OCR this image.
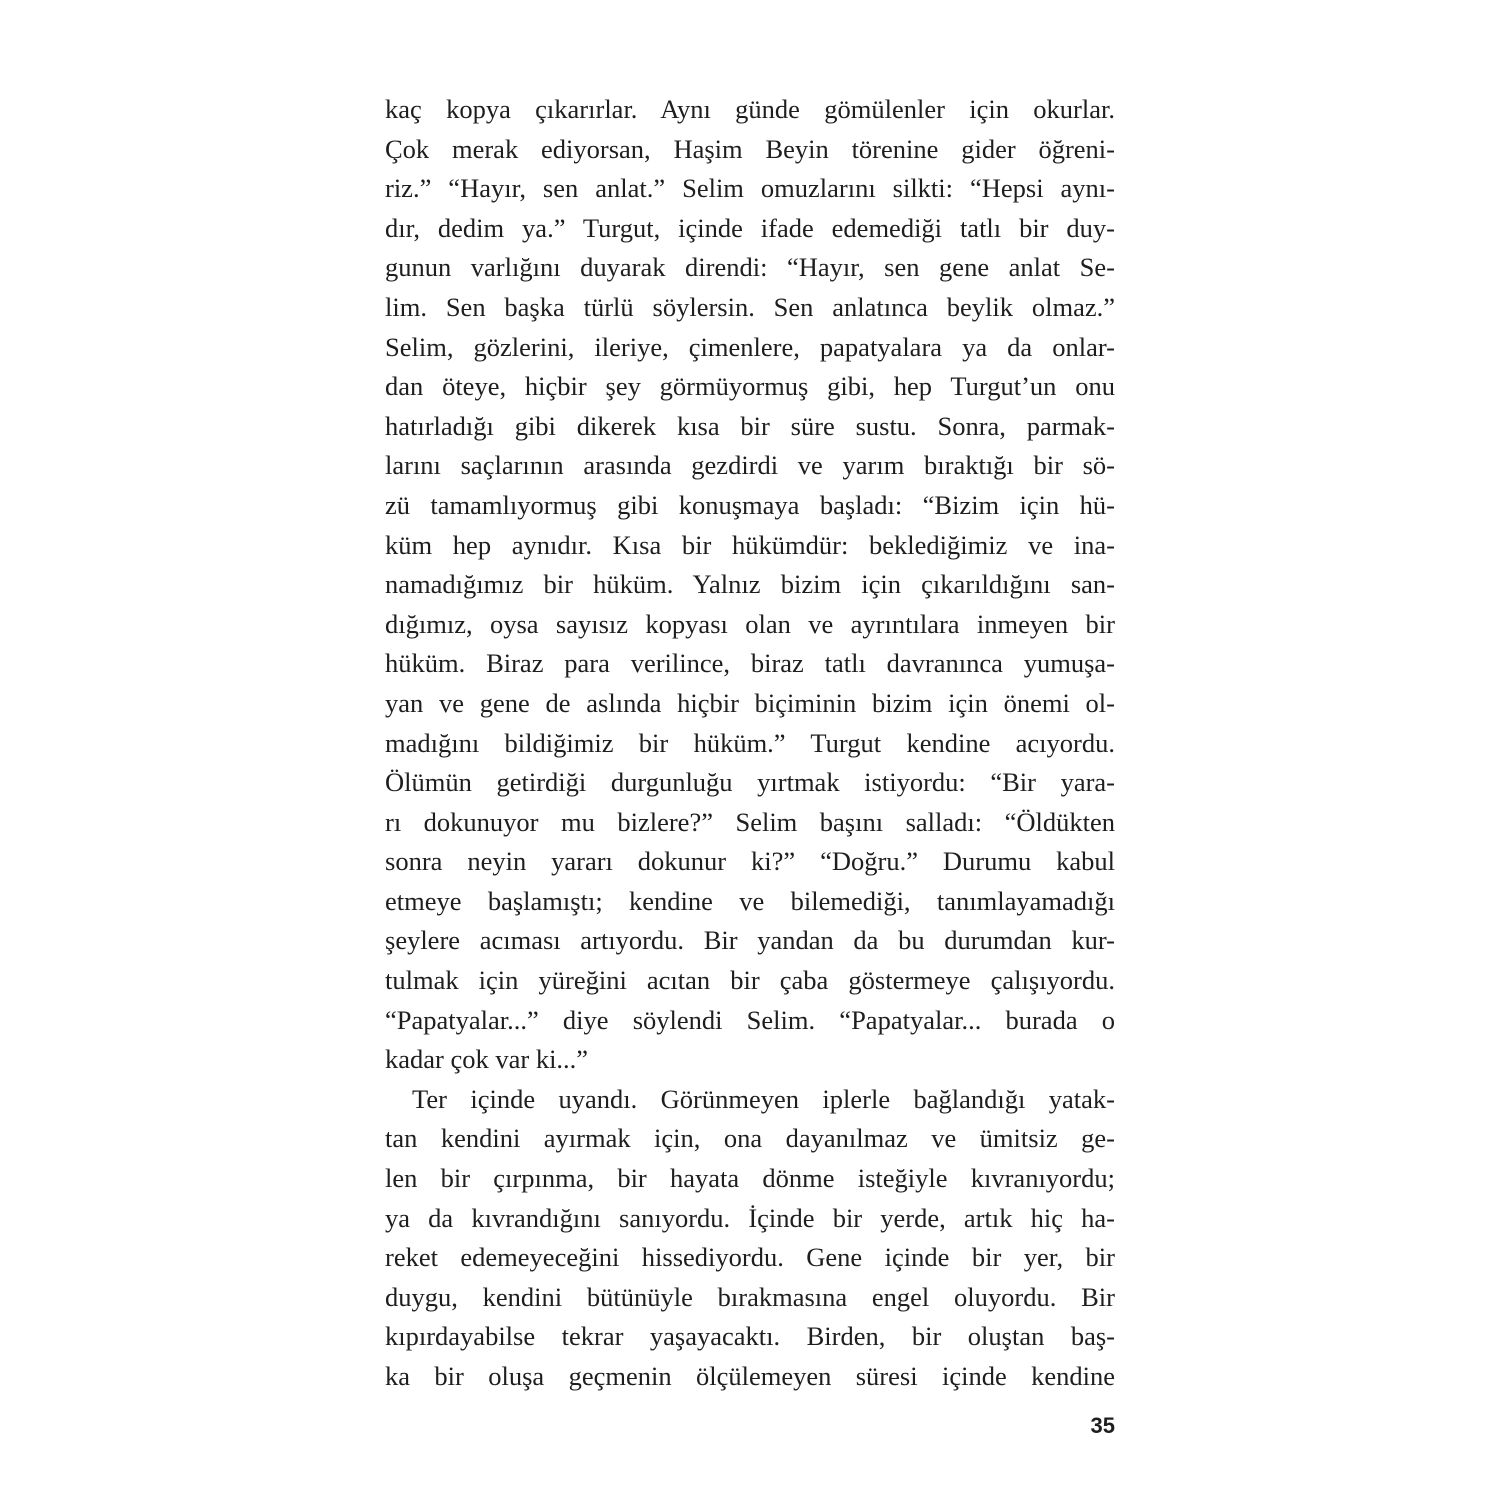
kaç kopya çıkarırlar. Aynı günde gömülenler için okurlar.
Çok merak ediyorsan, Haşim Beyin törenine gider öğreni-
riz.” “Hayır, sen anlat.” Selim omuzlarını silkti: “Hepsi aynı-
dır, dedim ya.” Turgut, içinde ifade edemediği tatlı bir duy-
gunun varlığını duyarak direndi: “Hayır, sen gene anlat Se-
lim. Sen başka türlü söylersin. Sen anlatınca beylik olmaz.”
Selim, gözlerini, ileriye, çimenlere, papatyalara ya da onlar-
dan öteye, hiçbir şey görmüyormuş gibi, hep Turgut’un onu
hatırladığı gibi dikerek kısa bir süre sustu. Sonra, parmak-
larını saçlarının arasında gezdirdi ve yarım bıraktığı bir sö-
zü tamamlıyormuş gibi konuşmaya başladı: “Bizim için hü-
küm hep aynıdır. Kısa bir hükümdür: beklediğimiz ve ina-
namadığımız bir hüküm. Yalnız bizim için çıkarıldığını san-
dığımız, oysa sayısız kopyası olan ve ayrıntılara inmeyen bir
hüküm. Biraz para verilince, biraz tatlı davranınca yumuşa-
yan ve gene de aslında hiçbir biçiminin bizim için önemi ol-
madığını bildiğimiz bir hüküm.” Turgut kendine acıyordu.
Ölümün getirdiği durgunluğu yırtmak istiyordu: “Bir yara-
rı dokunuyor mu bizlere?” Selim başını salladı: “Öldükten
sonra neyin yararı dokunur ki?” “Doğru.” Durumu kabul
etmeye başlamıştı; kendine ve bilemediği, tanımlayamadığı
şeylere acıması artıyordu. Bir yandan da bu durumdan kur-
tulmak için yüreğini acıtan bir çaba göstermeye çalışıyordu.
“Papatyalar...” diye söylendi Selim. “Papatyalar... burada o
kadar çok var ki...”
Ter içinde uyandı. Görünmeyen iplerle bağlandığı yatak-
tan kendini ayırmak için, ona dayanılmaz ve ümitsiz ge-
len bir çırpınma, bir hayata dönme isteğiyle kıvranıyordu;
ya da kıvrandığını sanıyordu. İçinde bir yerde, artık hiç ha-
reket edemeyeceğini hissediyordu. Gene içinde bir yer, bir
duygu, kendini bütünüyle bırakmasına engel oluyordu. Bir
kıpırdayabilse tekrar yaşayacaktı. Birden, bir oluştan baş-
ka bir oluşa geçmenin ölçülemeyen süresi içinde kendine
35
